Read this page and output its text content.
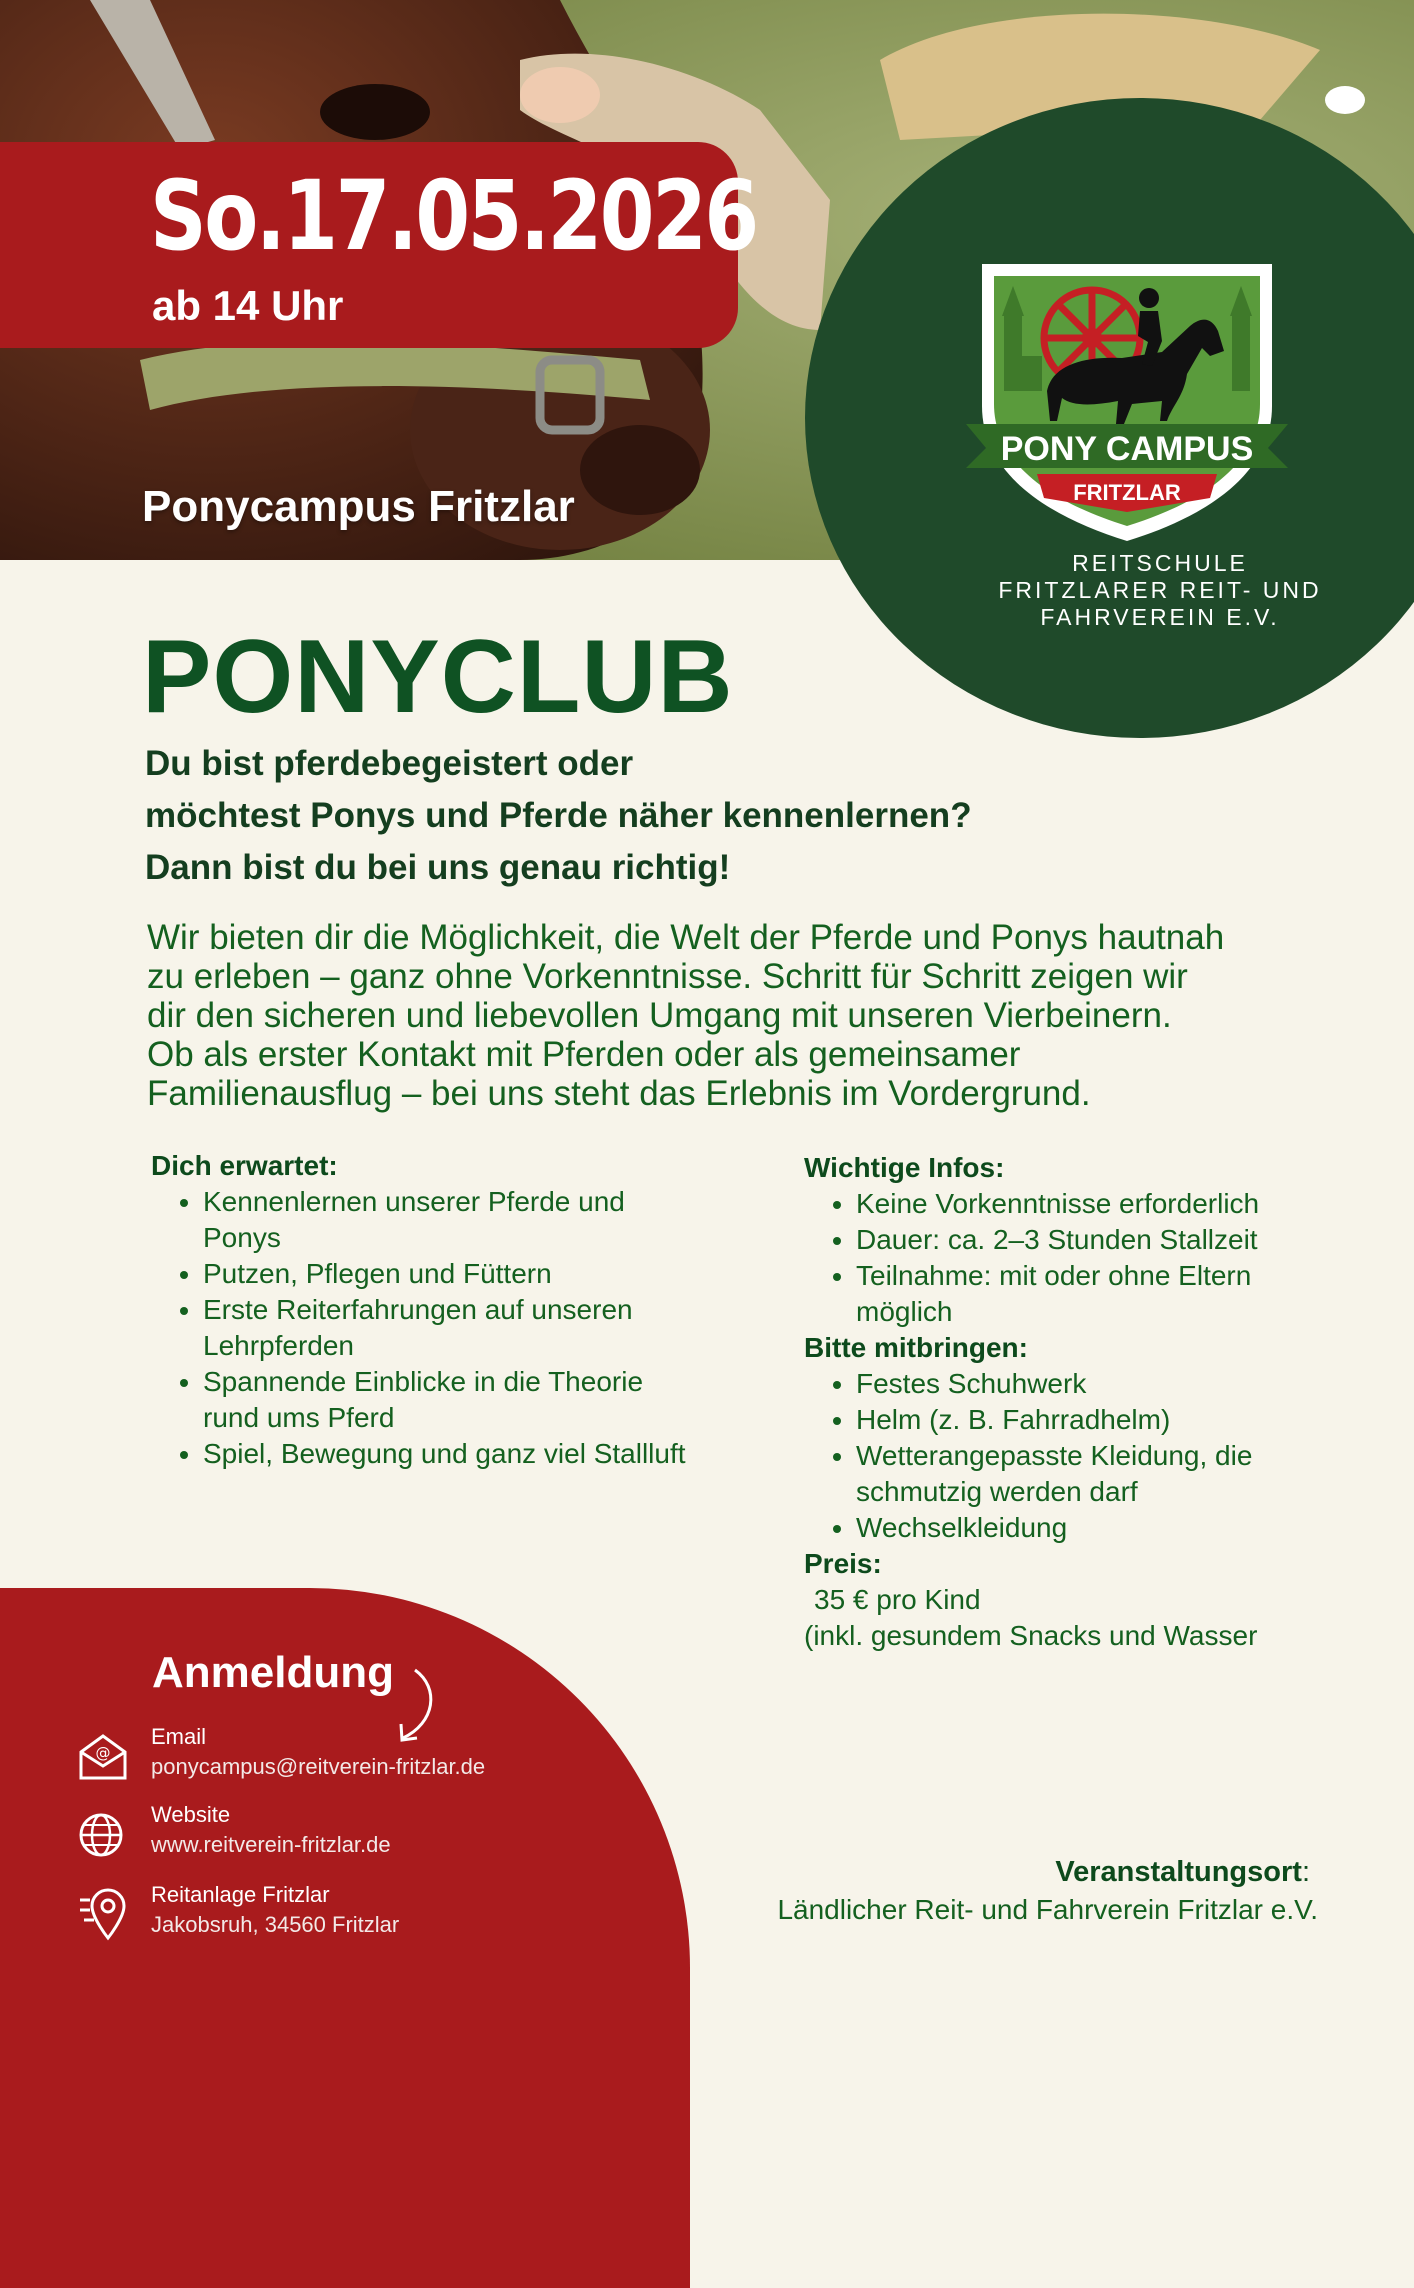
So.17.05.2026
ab 14 Uhr
Ponycampus Fritzlar
PONY CAMPUS
FRITZLAR
REITSCHULE
FRITZLARER REIT- UND
FAHRVEREIN E.V.
PONYCLUB
Du bist pferdebegeistert oder
möchtest Ponys und Pferde näher kennenlernen?
Dann bist du bei uns genau richtig!
Wir bieten dir die Möglichkeit, die Welt der Pferde und Ponys hautnah
zu erleben – ganz ohne Vorkenntnisse. Schritt für Schritt zeigen wir
dir den sicheren und liebevollen Umgang mit unseren Vierbeinern.
Ob als erster Kontakt mit Pferden oder als gemeinsamer
Familienausflug – bei uns steht das Erlebnis im Vordergrund.
Dich erwartet:
• Kennenlernen unserer Pferde und Ponys
• Putzen, Pflegen und Füttern
• Erste Reiterfahrungen auf unseren Lehrpferden
• Spannende Einblicke in die Theorie rund ums Pferd
• Spiel, Bewegung und ganz viel Stallluft
Wichtige Infos:
• Keine Vorkenntnisse erforderlich
• Dauer: ca. 2–3 Stunden Stallzeit
• Teilnahme: mit oder ohne Eltern möglich
Bitte mitbringen:
• Festes Schuhwerk
• Helm (z. B. Fahrradhelm)
• Wetterangepasste Kleidung, die schmutzig werden darf
• Wechselkleidung
Preis:
35 € pro Kind
(inkl. gesundem Snacks und Wasser
Anmeldung
@
Email
ponycampus@reitverein-fritzlar.de
Website
www.reitverein-fritzlar.de
Reitanlage Fritzlar
Jakobsruh, 34560 Fritzlar
Veranstaltungsort:
Ländlicher Reit- und Fahrverein Fritzlar e.V.
